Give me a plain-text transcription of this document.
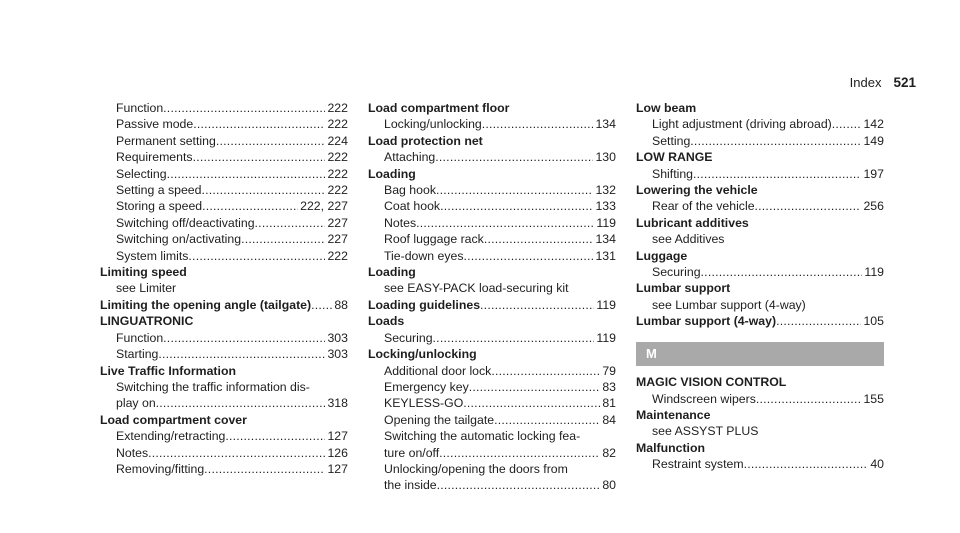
Index 521
Function . . .	222
Passive mode . . .	222
Permanent setting . . .	224
Requirements . . .	222
Selecting . . .	222
Setting a speed . . .	222
Storing a speed . . .	222, 227
Switching off/deactivating . . .	227
Switching on/activating . . .	227
System limits . . .	222
Limiting speed
see Limiter
Limiting the opening angle (tailgate) . . . 88
LINGUATRONIC
Function . . .	303
Starting . . .	303
Live Traffic Information
Switching the traffic information dis-
play on . . .	318
Load compartment cover
Extending/retracting . . .	127
Notes . . .	126
Removing/fitting . . .	127
Load compartment floor
Locking/unlocking . . .	134
Load protection net
Attaching . . .	130
Loading
Bag hook . . .	132
Coat hook . . .	133
Notes . . .	119
Roof luggage rack . . .	134
Tie-down eyes . . .	131
Loading
see EASY-PACK load-securing kit
Loading guidelines . . .	119
Loads
Securing . . .	119
Locking/unlocking
Additional door lock . . .	79
Emergency key . . .	83
KEYLESS-GO . . .	81
Opening the tailgate . . .	84
Switching the automatic locking fea-
ture on/off . . .	82
Unlocking/opening the doors from
the inside . . .	80
Low beam
Light adjustment (driving abroad) . . .	142
Setting . . .	149
LOW RANGE
Shifting . . .	197
Lowering the vehicle
Rear of the vehicle . . .	256
Lubricant additives
see Additives
Luggage
Securing . . .	119
Lumbar support
see Lumbar support (4-way)
Lumbar support (4-way) . . .	105
M
MAGIC VISION CONTROL
Windscreen wipers . . .	155
Maintenance
see ASSYST PLUS
Malfunction
Restraint system . . .	40
